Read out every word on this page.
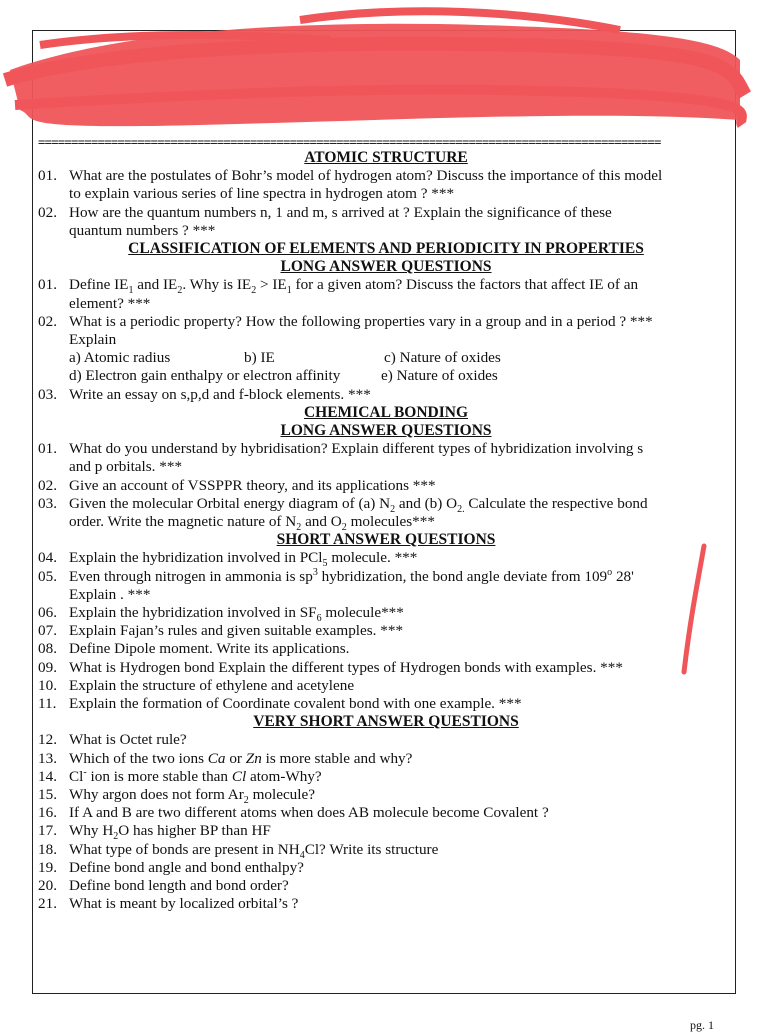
==============================================================================================
ATOMIC STRUCTURE
01. What are the postulates of Bohr’s model of hydrogen atom? Discuss the importance of this model
to explain various series of line spectra in hydrogen atom ? ***
02. How are the quantum numbers n, 1 and m, s arrived at ? Explain the significance of these
quantum numbers ? ***
CLASSIFICATION OF ELEMENTS AND PERIODICITY IN PROPERTIES
LONG ANSWER QUESTIONS
01. Define $IE_1$ and $IE_2$. Why is $IE_2 > IE_1$ for a given atom? Discuss the factors that affect IE of an
element? ***
02. What is a periodic property? How the following properties vary in a group and in a period ? ***
Explain
a) Atomic radius	b) IE	c) Nature of oxides
d) Electron gain enthalpy or electron affinity	e) Nature of oxides
03. Write an essay on s,p,d and f-block elements. ***
CHEMICAL BONDING
LONG ANSWER QUESTIONS
01. What do you understand by hybridisation? Explain different types of hybridization involving s
and p orbitals. ***
02. Give an account of VSSPPR theory, and its applications ***
03. Given the molecular Orbital energy diagram of (a) $N_2$ and (b) $O_{2.}$ Calculate the respective bond
order. Write the magnetic nature of $N_2$ and $O_2$ molecules***
SHORT ANSWER QUESTIONS
04. Explain the hybridization involved in PCl$_5$ molecule. ***
05. Even through nitrogen in ammonia is $sp^3$ hybridization, the bond angle deviate from 109$^o$ 28'
Explain . ***
06. Explain the hybridization involved in $SF_6$ molecule***
07. Explain Fajan’s rules and given suitable examples. ***
08. Define Dipole moment. Write its applications.
09. What is Hydrogen bond Explain the different types of Hydrogen bonds with examples. ***
10. Explain the structure of ethylene and acetylene
11. Explain the formation of Coordinate covalent bond with one example. ***
VERY SHORT ANSWER QUESTIONS
12. What is Octet rule?
13. Which of the two ions Ca or Zn is more stable and why?
14. Cl- ion is more stable than Cl atom-Why?
15. Why argon does not form $Ar_2$ molecule?
16. If A and B are two different atoms when does AB molecule become Covalent ?
17. Why $H_2O$ has higher BP than HF
18. What type of bonds are present in $NH_4Cl$? Write its structure
19. Define bond angle and bond enthalpy?
20. Define bond length and bond order?
21. What is meant by localized orbital’s ?
pg. 1
